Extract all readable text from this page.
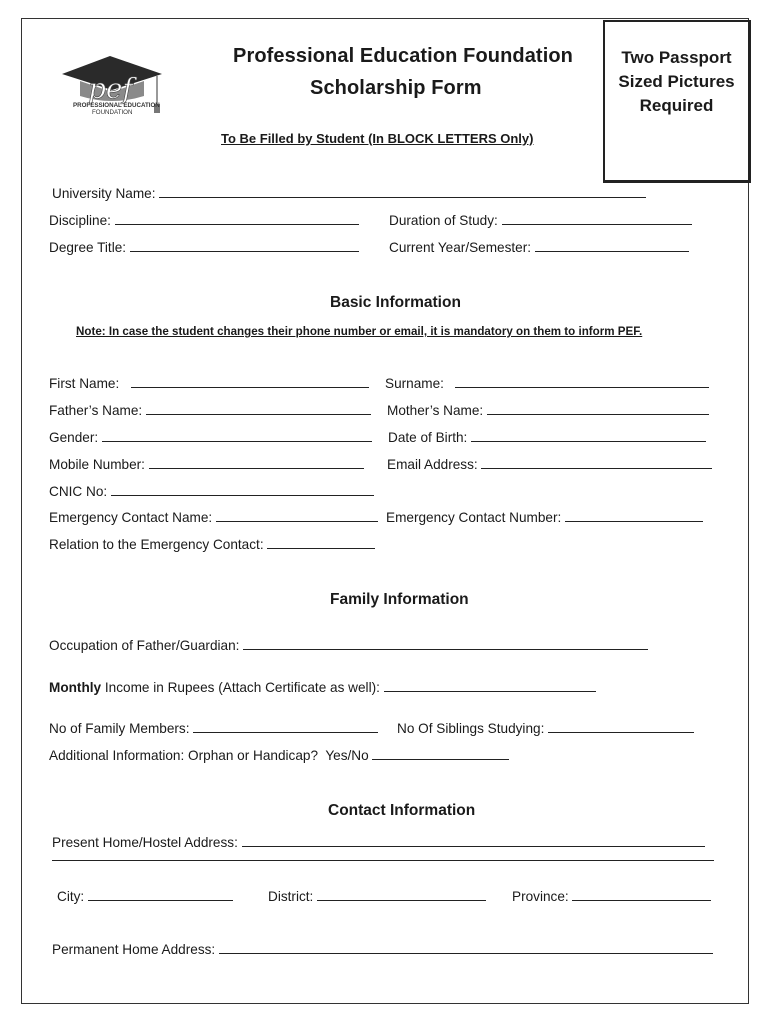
pef
PROFESSIONAL EDUCATION
FOUNDATION
Professional Education Foundation
Scholarship Form
To Be Filled by Student (In BLOCK LETTERS Only)
Two Passport
Sized Pictures
Required
University Name:
Discipline:	Duration of Study:
Degree Title:	Current Year/Semester:
Basic Information
Note: In case the student changes their phone number or email, it is mandatory on them to inform PEF.
First Name:	Surname:
Father’s Name:	Mother’s Name:
Gender:	Date of Birth:
Mobile Number:	Email Address:
CNIC No:
Emergency Contact Name:	Emergency Contact Number:
Relation to the Emergency Contact:
Family Information
Occupation of Father/Guardian:
Monthly Income in Rupees (Attach Certificate as well):
No of Family Members:	No Of Siblings Studying:
Additional Information: Orphan or Handicap?  Yes/No
Contact Information
Present Home/Hostel Address:
City:	District:	Province:
Permanent Home Address:
